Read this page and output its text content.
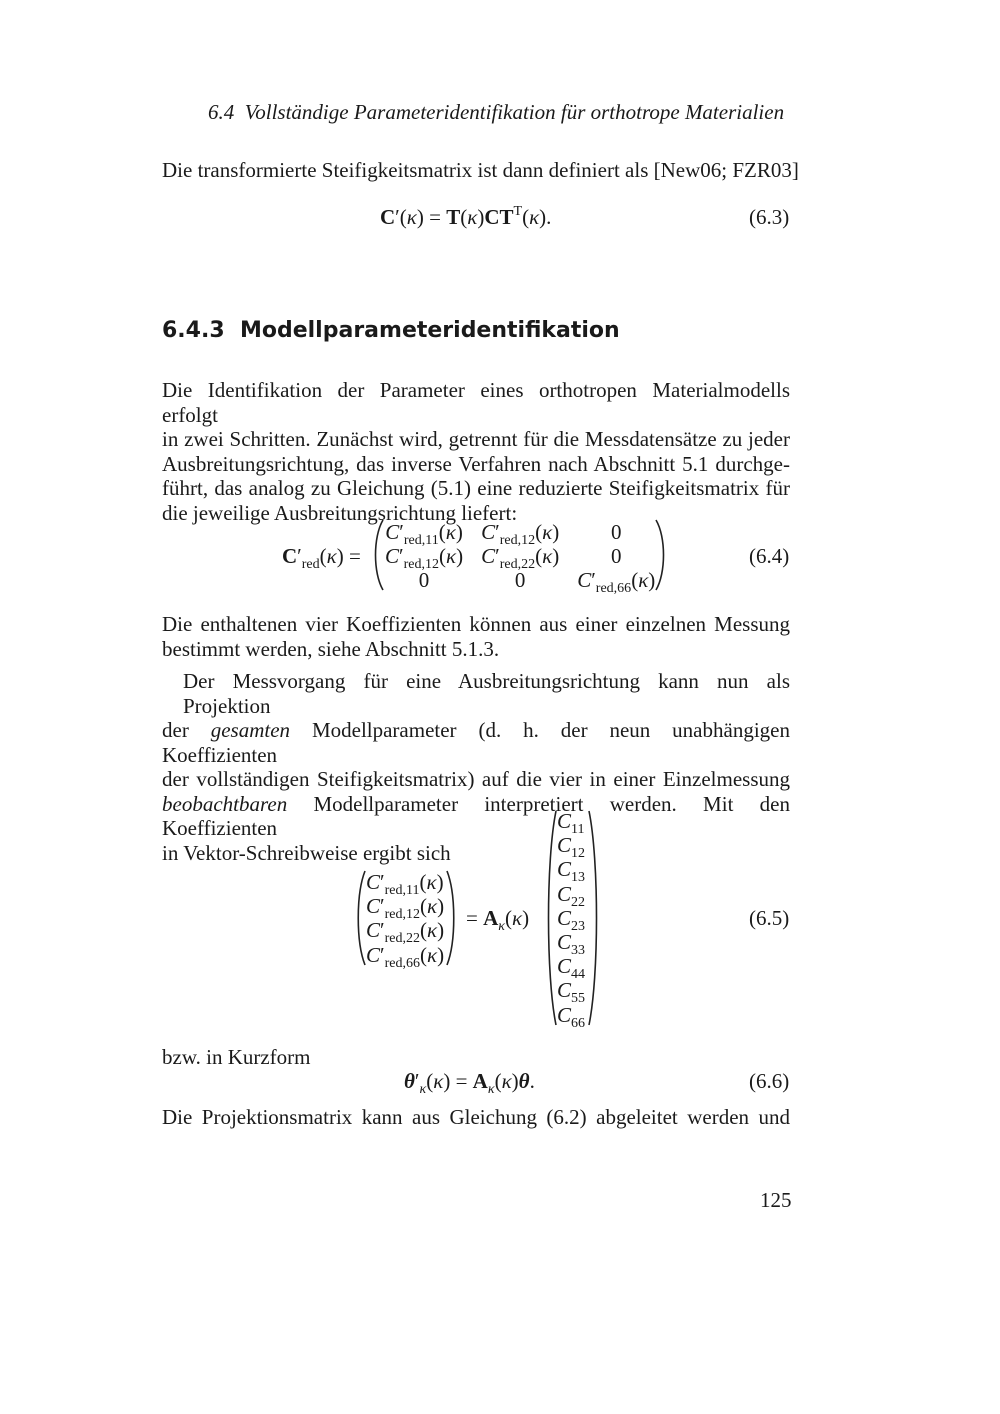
6.4 Vollständige Parameteridentifikation für orthotrope Materialien
Die transformierte Steifigkeitsmatrix ist dann definiert als [New06; FZR03]
$C'(\kappa) = T(\kappa)CT^T(\kappa)$.	(6.3)
6.4.3 Modellparameteridentifikation
Die Identifikation der Parameter eines orthotropen Materialmodells erfolgt
in zwei Schritten. Zunächst wird, getrennt für die Messdatensätze zu jeder
Ausbreitungsrichtung, das inverse Verfahren nach Abschnitt 5.1 durchge-
führt, das analog zu Gleichung (5.1) eine reduzierte Steifigkeitsmatrix für
die jeweilige Ausbreitungsrichtung liefert:
$C'_{red}(\kappa)$ =
$C'_{red,11}(\kappa)$	$C'_{red,12}(\kappa)$	0
$C'_{red,12}(\kappa)$	$C'_{red,22}(\kappa)$	0
0	0	$C'_{red,66}(\kappa)$
(6.4)
Die enthaltenen vier Koeffizienten können aus einer einzelnen Messung
bestimmt werden, siehe Abschnitt 5.1.3.
Der Messvorgang für eine Ausbreitungsrichtung kann nun als Projektion
der gesamten Modellparameter (d. h. der neun unabhängigen Koeffizienten
der vollständigen Steifigkeitsmatrix) auf die vier in einer Einzelmessung
beobachtbaren Modellparameter interpretiert werden. Mit den Koeffizienten
in Vektor-Schreibweise ergibt sich
$C'_{red,11}(\kappa)$
$C'_{red,12}(\kappa)$
$C'_{red,22}(\kappa)$
$C'_{red,66}(\kappa)$
= $A_\kappa(\kappa)$
$C_{11}$
$C_{12}$
$C_{13}$
$C_{22}$
$C_{23}$
$C_{33}$
$C_{44}$
$C_{55}$
$C_{66}$
(6.5)
bzw. in Kurzform
$\theta'_\kappa(\kappa) = A_\kappa(\kappa)\theta$.	(6.6)
Die Projektionsmatrix kann aus Gleichung (6.2) abgeleitet werden und
125
